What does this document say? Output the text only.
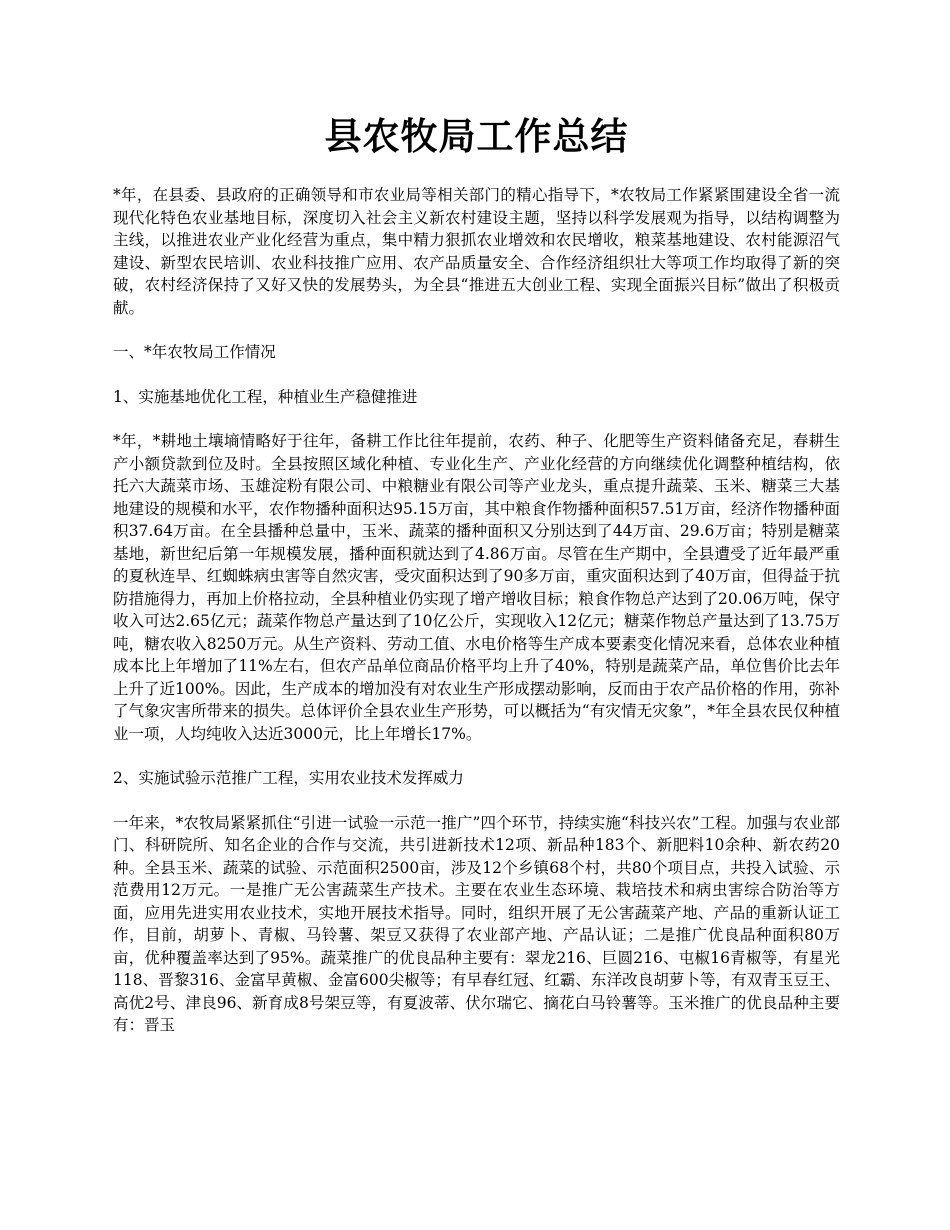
县农牧局工作总结

*年，在县委、县政府的正确领导和市农业局等相关部门的精心指导下，*农牧局工作紧紧围建设全省一流现代化特色农业基地目标，深度切入社会主义新农村建设主题，坚持以科学发展观为指导，以结构调整为主线，以推进农业产业化经营为重点，集中精力狠抓农业增效和农民增收，粮菜基地建设、农村能源沼气建设、新型农民培训、农业科技推广应用、农产品质量安全、合作经济组织壮大等项工作均取得了新的突破，农村经济保持了又好又快的发展势头，为全县“推进五大创业工程、实现全面振兴目标”做出了积极贡献。

一、*年农牧局工作情况

1、实施基地优化工程，种植业生产稳健推进

*年，*耕地土壤墒情略好于往年，备耕工作比往年提前，农药、种子、化肥等生产资料储备充足，春耕生产小额贷款到位及时。全县按照区域化种植、专业化生产、产业化经营的方向继续优化调整种植结构，依托六大蔬菜市场、玉雄淀粉有限公司、中粮糖业有限公司等产业龙头，重点提升蔬菜、玉米、糖菜三大基地建设的规模和水平，农作物播种面积达95.15万亩，其中粮食作物播种面积57.51万亩，经济作物播种面积37.64万亩。在全县播种总量中，玉米、蔬菜的播种面积又分别达到了44万亩、29.6万亩；特别是糖菜基地，新世纪后第一年规模发展，播种面积就达到了4.86万亩。尽管在生产期中，全县遭受了近年最严重的夏秋连旱、红蜘蛛病虫害等自然灾害，受灾面积达到了90多万亩，重灾面积达到了40万亩，但得益于抗防措施得力，再加上价格拉动，全县种植业仍实现了增产增收目标；粮食作物总产达到了20.06万吨，保守收入可达2.65亿元；蔬菜作物总产量达到了10亿公斤，实现收入12亿元；糖菜作物总产量达到了13.75万吨，糖农收入8250万元。从生产资料、劳动工值、水电价格等生产成本要素变化情况来看，总体农业种植成本比上年增加了11%左右，但农产品单位商品价格平均上升了40%，特别是蔬菜产品，单位售价比去年上升了近100%。因此，生产成本的增加没有对农业生产形成摆动影响，反而由于农产品价格的作用，弥补了气象灾害所带来的损失。总体评价全县农业生产形势，可以概括为“有灾情无灾象”，*年全县农民仅种植业一项，人均纯收入达近3000元，比上年增长17%。

2、实施试验示范推广工程，实用农业技术发挥威力

一年来，*农牧局紧紧抓住“引进一试验一示范一推广”四个环节，持续实施“科技兴农”工程。加强与农业部门、科研院所、知名企业的合作与交流，共引进新技术12项、新品种183个、新肥料10余种、新农药20种。全县玉米、蔬菜的试验、示范面积2500亩，涉及12个乡镇68个村，共80个项目点，共投入试验、示范费用12万元。一是推广无公害蔬菜生产技术。主要在农业生态环境、栽培技术和病虫害综合防治等方面，应用先进实用农业技术，实地开展技术指导。同时，组织开展了无公害蔬菜产地、产品的重新认证工作，目前，胡萝卜、青椒、马铃薯、架豆又获得了农业部产地、产品认证；二是推广优良品种面积80万亩，优种覆盖率达到了95%。蔬菜推广的优良品种主要有：翠龙216、巨圆216、屯椒16青椒等，有星光118、晋黎316、金富早黄椒、金富600尖椒等；有早春红冠、红霸、东洋改良胡萝卜等，有双青玉豆王、高优2号、津良96、新育成8号架豆等，有夏波蒂、伏尔瑞它、摘花白马铃薯等。玉米推广的优良品种主要有：晋玉
